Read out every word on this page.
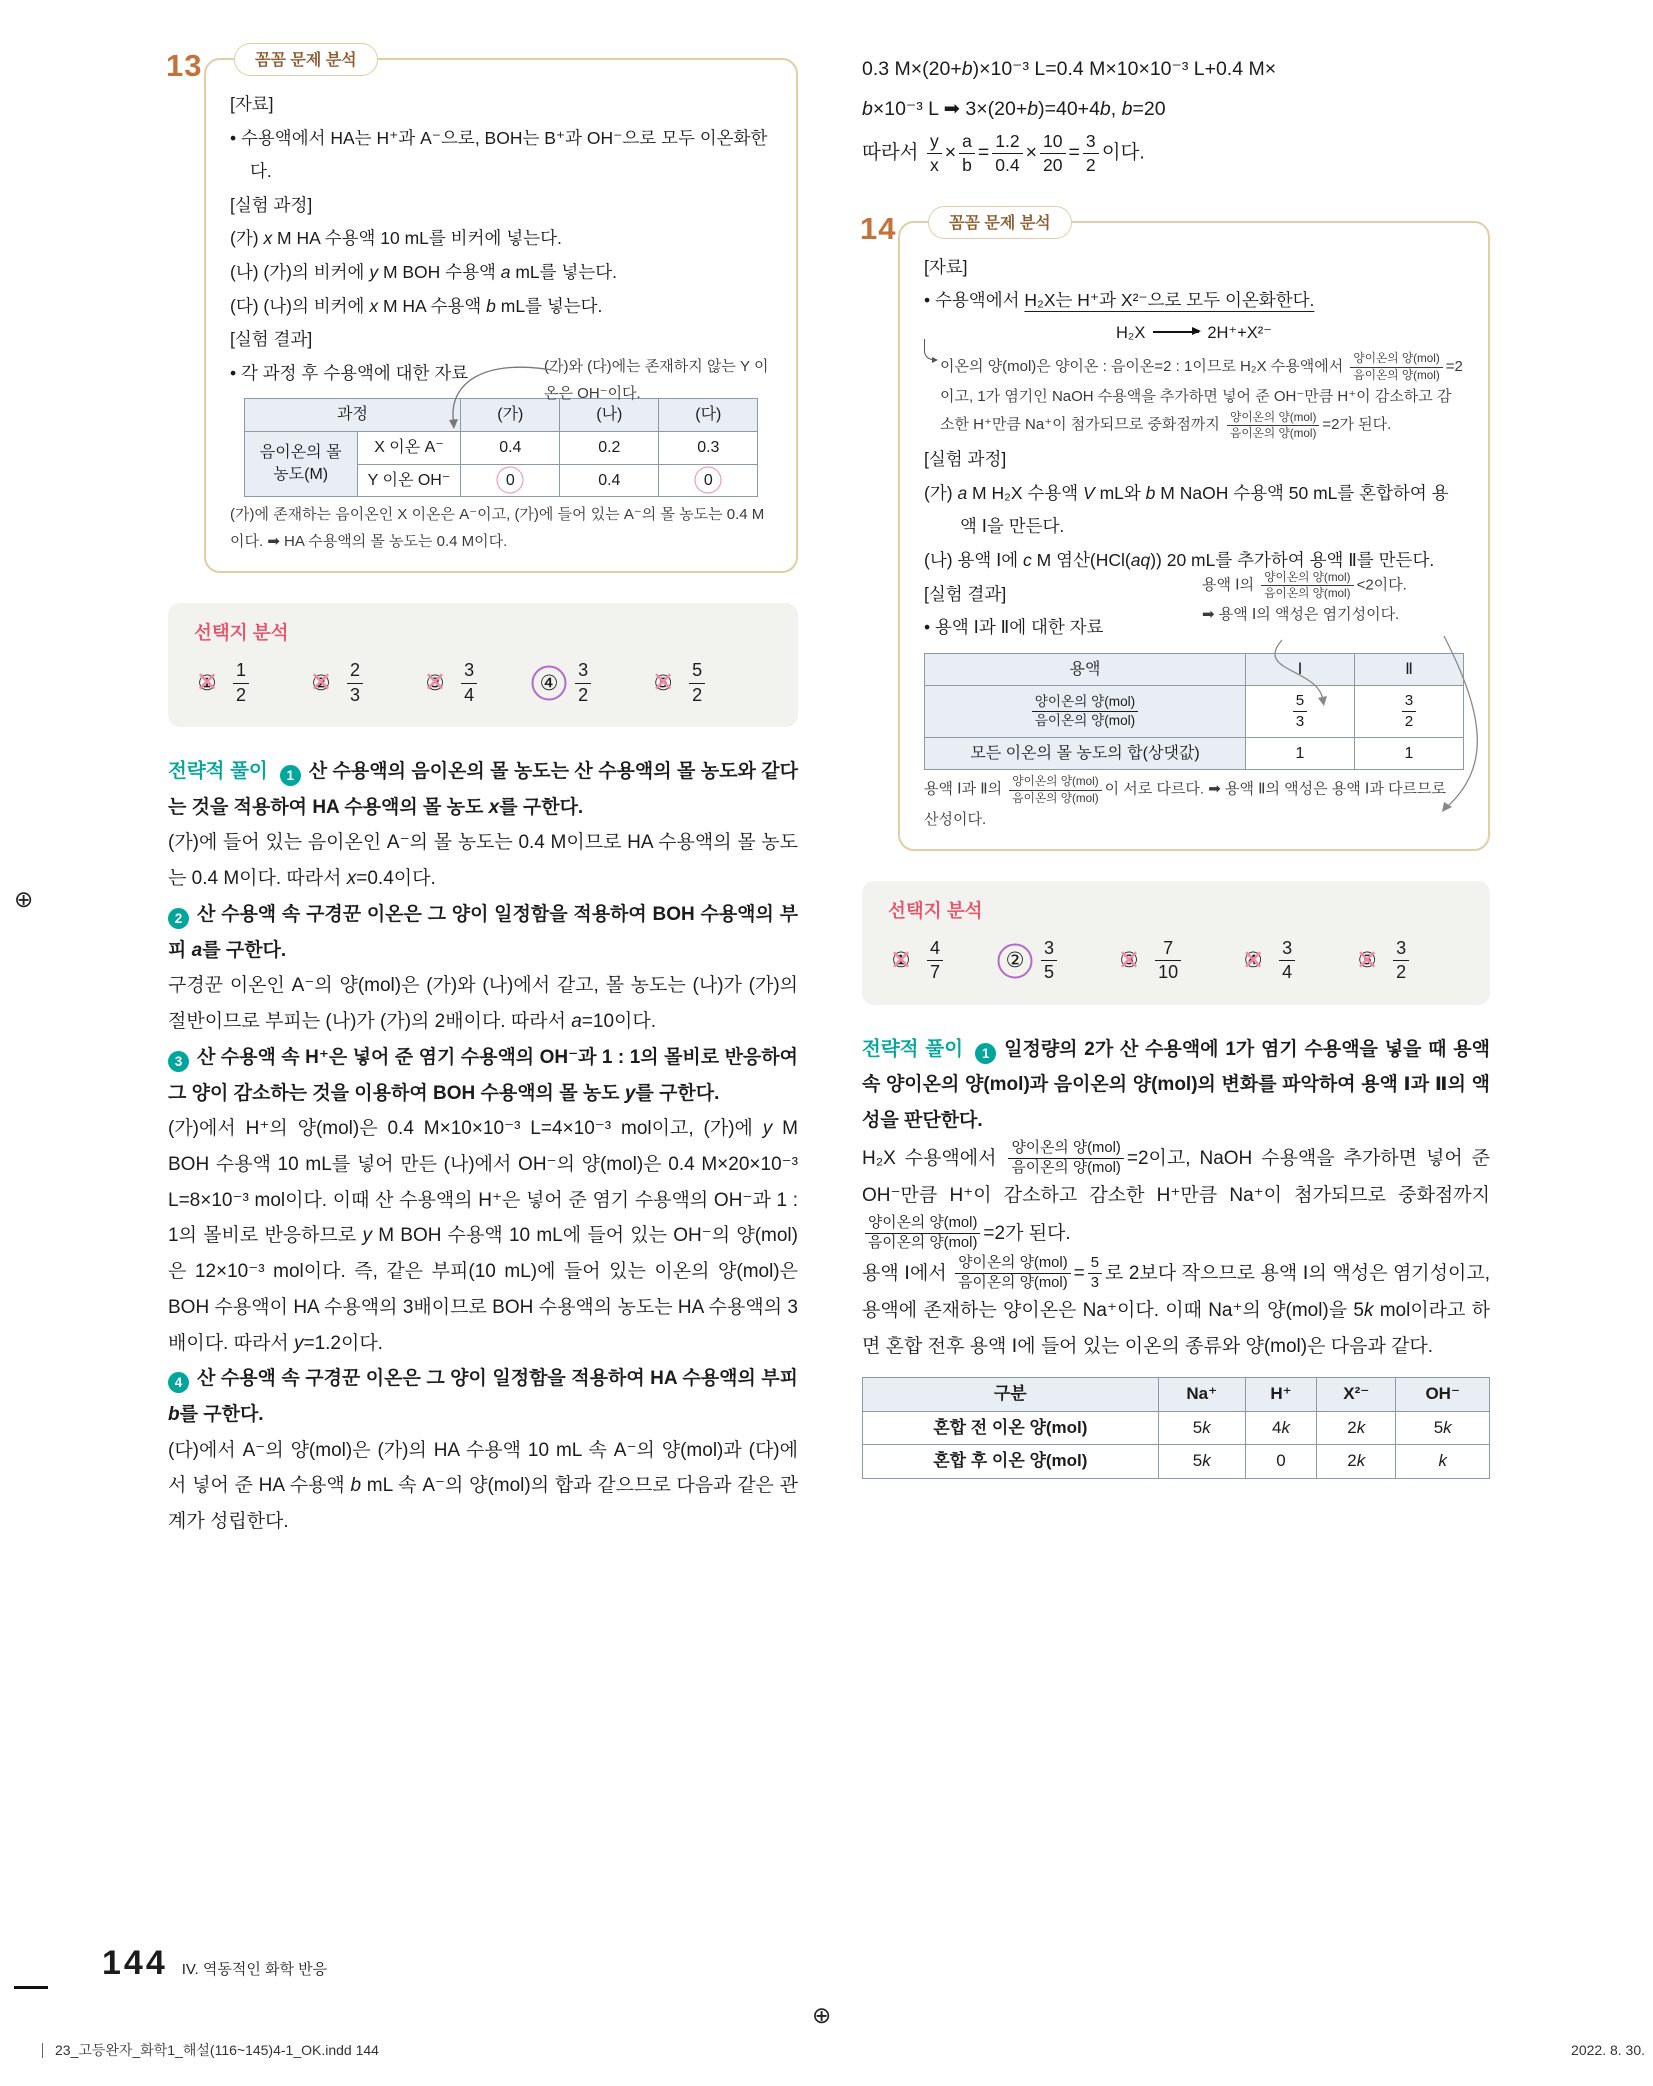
13	꼼꼼 문제 분석

[자료]

• 수용액에서 HA는 H⁺과 A⁻으로, BOH는 B⁺과 OH⁻으로 모두 이온화한다.

[실험 과정]

(가) x M HA 수용액 10 mL를 비커에 넣는다.

(나) (가)의 비커에 y M BOH 수용액 a mL를 넣는다.

(다) (나)의 비커에 x M HA 수용액 b mL를 넣는다.

[실험 결과]

• 각 과정 후 수용액에 대한 자료	(가)와 (다)에는 존재하지 않는 Y 이온은 OH⁻이다.
과정		(가)	(나)	(다)
음이온의 몰 농도(M)	X 이온 A⁻	0.4	0.2	0.3
	Y 이온 OH⁻	0	0.4	0

(가)에 존재하는 음이온인 X 이온은 A⁻이고, (가)에 들어 있는 A⁻의 몰 농도는 0.4 M이다. ➡ HA 수용액의 몰 농도는 0.4 M이다.

선택지 분석
① × $\frac{1}{2}$	② × $\frac{2}{3}$	③ × $\frac{3}{4}$	④ $\frac{3}{2}$	⑤ × $\frac{5}{2}$

전략적 풀이 1 산 수용액의 음이온의 몰 농도는 산 수용액의 몰 농도와 같다는 것을 적용하여 HA 수용액의 몰 농도 x를 구한다.

(가)에 들어 있는 음이온인 A⁻의 몰 농도는 0.4 M이므로 HA 수용액의 몰 농도는 0.4 M이다. 따라서 x=0.4이다.

2 산 수용액 속 구경꾼 이온은 그 양이 일정함을 적용하여 BOH 수용액의 부피 a를 구한다.

구경꾼 이온인 A⁻의 양(mol)은 (가)와 (나)에서 같고, 몰 농도는 (나)가 (가)의 절반이므로 부피는 (나)가 (가)의 2배이다. 따라서 a=10이다.

3 산 수용액 속 H⁺은 넣어 준 염기 수용액의 OH⁻과 1 : 1의 몰비로 반응하여 그 양이 감소하는 것을 이용하여 BOH 수용액의 몰 농도 y를 구한다.

(가)에서 H⁺의 양(mol)은 0.4 M×10×10⁻³ L=4×10⁻³ mol이고, (가)에 y M BOH 수용액 10 mL를 넣어 만든 (나)에서 OH⁻의 양(mol)은 0.4 M×20×10⁻³ L=8×10⁻³ mol이다. 이때 산 수용액의 H⁺은 넣어 준 염기 수용액의 OH⁻과 1 : 1의 몰비로 반응하므로 y M BOH 수용액 10 mL에 들어 있는 OH⁻의 양(mol)은 12×10⁻³ mol이다. 즉, 같은 부피(10 mL)에 들어 있는 이온의 양(mol)은 BOH 수용액이 HA 수용액의 3배이므로 BOH 수용액의 농도는 HA 수용액의 3배이다. 따라서 y=1.2이다.

4 산 수용액 속 구경꾼 이온은 그 양이 일정함을 적용하여 HA 수용액의 부피 b를 구한다.

(다)에서 A⁻의 양(mol)은 (가)의 HA 수용액 10 mL 속 A⁻의 양(mol)과 (다)에서 넣어 준 HA 수용액 b mL 속 A⁻의 양(mol)의 합과 같으므로 다음과 같은 관계가 성립한다.

0.3 M×(20+b)×10⁻³ L=0.4 M×10×10⁻³ L+0.4 M×

b×10⁻³ L ➡ 3×(20+b)=40+4b, b=20

따라서 $\frac{y}{x} \times \frac{a}{b} = \frac{1.2}{0.4} \times \frac{10}{20} = \frac{3}{2}$ 이다.

14	꼼꼼 문제 분석

[자료]

• 수용액에서 H₂X는 H⁺과 X²⁻으로 모두 이온화한다.

H₂X → 2H⁺+X²⁻

이온의 양(mol)은 양이온 : 음이온=2 : 1이므로 H₂X 수용액에서 $\frac{\text{양이온의 양(mol)}}{\text{음이온의 양(mol)}} =2$이고, 1가 염기인 NaOH 수용액을 추가하면 넣어 준 OH⁻만큼 H⁺이 감소하고 감소한 H⁺만큼 Na⁺이 첨가되므로 중화점까지 $\frac{\text{양이온의 양(mol)}}{\text{음이온의 양(mol)}} =2$가 된다.

[실험 과정]

(가) a M H₂X 수용액 V mL와 b M NaOH 수용액 50 mL를 혼합하여 용액 Ⅰ을 만든다.

(나) 용액 Ⅰ에 c M 염산(HCl(aq)) 20 mL를 추가하여 용액 Ⅱ를 만든다.

[실험 결과]

• 용액 Ⅰ과 Ⅱ에 대한 자료

용액 Ⅰ의 $\frac{\text{양이온의 양(mol)}}{\text{음이온의 양(mol)}} <2$이다.
➡ 용액 Ⅰ의 액성은 염기성이다.
용액	Ⅰ	Ⅱ

$\frac{\text{양이온의 양(mol)}}{\text{음이온의 양(mol)}}$	$\frac{5}{3}$	$\frac{3}{2}$

모든 이온의 몰 농도의 합(상댓값)	1	1

용액 Ⅰ과 Ⅱ의 $\frac{\text{양이온의 양(mol)}}{\text{음이온의 양(mol)}}$ 이 서로 다르다. ➡ 용액 Ⅱ의 액성은 용액 Ⅰ과 다르므로 산성이다.

선택지 분석
① × $\frac{4}{7}$	② $\frac{3}{5}$	③ × $\frac{7}{10}$	④ × $\frac{3}{4}$	⑤ × $\frac{3}{2}$

전략적 풀이 1 일정량의 2가 산 수용액에 1가 염기 수용액을 넣을 때 용액 속 양이온의 양(mol)과 음이온의 양(mol)의 변화를 파악하여 용액 Ⅰ과 Ⅱ의 액성을 판단한다.

H₂X 수용액에서 $\frac{\text{양이온의 양(mol)}}{\text{음이온의 양(mol)}} =2$이고, NaOH 수용액을 추가하면 넣어 준 OH⁻만큼 H⁺이 감소하고 감소한 H⁺만큼 Na⁺이 첨가되므로 중화점까지
$\frac{\text{양이온의 양(mol)}}{\text{음이온의 양(mol)}} =2$가 된다.

용액 Ⅰ에서 $\frac{\text{양이온의 양(mol)}}{\text{음이온의 양(mol)}} = \frac{5}{3}$ 로 2보다 작으므로 용액 Ⅰ의 액성은 염기성이고, 용액에 존재하는 양이온은 Na⁺이다. 이때 Na⁺의 양(mol)을 5k mol이라고 하면 혼합 전후 용액 Ⅰ에 들어 있는 이온의 종류와 양(mol)은 다음과 같다.

구분	Na⁺	H⁺	X²⁻	OH⁻
혼합 전 이온 양(mol)	5k	4k	2k	5k
혼합 후 이온 양(mol)	5k	0	2k	k
144 IV. 역동적인 화학 반응
23_고등완자_화학1_해설(116~145)4-1_OK.indd 144	2022. 8. 30.
⊕
⊕
